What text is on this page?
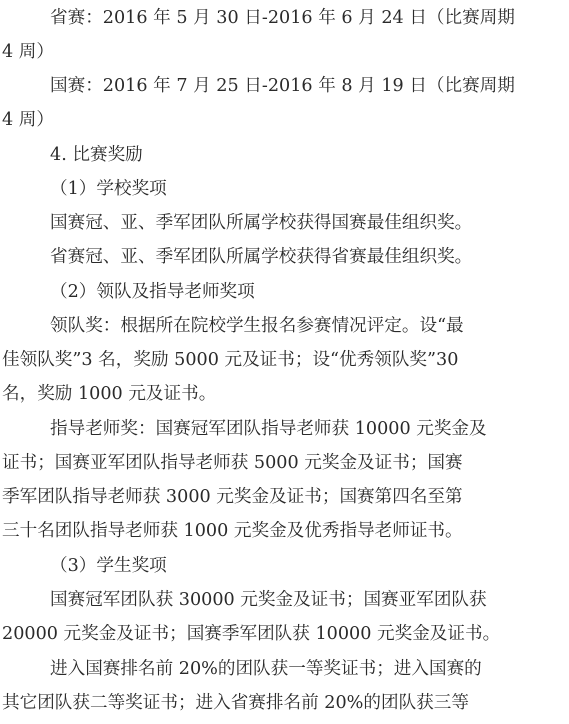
省赛：2016 年 5 月 30 日-2016 年 6 月 24 日（比赛周期
4 周）
国赛：2016 年 7 月 25 日-2016 年 8 月 19 日（比赛周期
4 周）
4. 比赛奖励
（1）学校奖项
国赛冠、亚、季军团队所属学校获得国赛最佳组织奖。
省赛冠、亚、季军团队所属学校获得省赛最佳组织奖。
（2）领队及指导老师奖项
领队奖：根据所在院校学生报名参赛情况评定。设“最
佳领队奖”3 名，奖励 5000 元及证书；设“优秀领队奖”30
名，奖励 1000 元及证书。
指导老师奖：国赛冠军团队指导老师获 10000 元奖金及
证书；国赛亚军团队指导老师获 5000 元奖金及证书；国赛
季军团队指导老师获 3000 元奖金及证书；国赛第四名至第
三十名团队指导老师获 1000 元奖金及优秀指导老师证书。
（3）学生奖项
国赛冠军团队获 30000 元奖金及证书；国赛亚军团队获
20000 元奖金及证书；国赛季军团队获 10000 元奖金及证书。
进入国赛排名前 20%的团队获一等奖证书；进入国赛的
其它团队获二等奖证书；进入省赛排名前 20%的团队获三等
